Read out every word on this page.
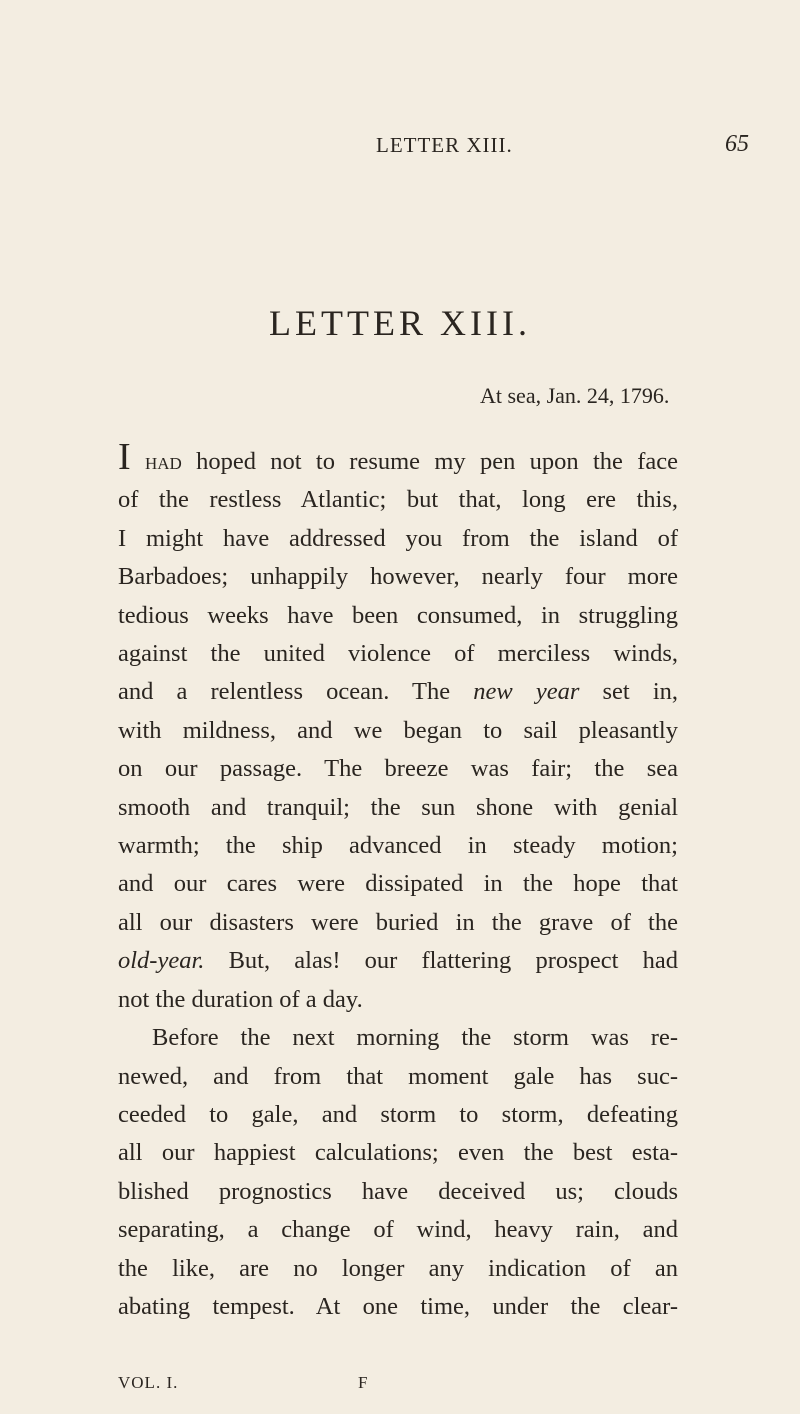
LETTER XIII.	65
LETTER XIII.
At sea, Jan. 24, 1796.
I had hoped not to resume my pen upon the face
of the restless Atlantic; but that, long ere this,
I might have addressed you from the island of
Barbadoes; unhappily however, nearly four more
tedious weeks have been consumed, in struggling
against the united violence of merciless winds,
and a relentless ocean. The new year set in,
with mildness, and we began to sail pleasantly
on our passage. The breeze was fair; the sea
smooth and tranquil; the sun shone with genial
warmth; the ship advanced in steady motion;
and our cares were dissipated in the hope that
all our disasters were buried in the grave of the
old-year. But, alas! our flattering prospect had
not the duration of a day.
Before the next morning the storm was re-
newed, and from that moment gale has suc-
ceeded to gale, and storm to storm, defeating
all our happiest calculations; even the best esta-
blished prognostics have deceived us; clouds
separating, a change of wind, heavy rain, and
the like, are no longer any indication of an
abating tempest. At one time, under the clear-
VOL. I.	F
